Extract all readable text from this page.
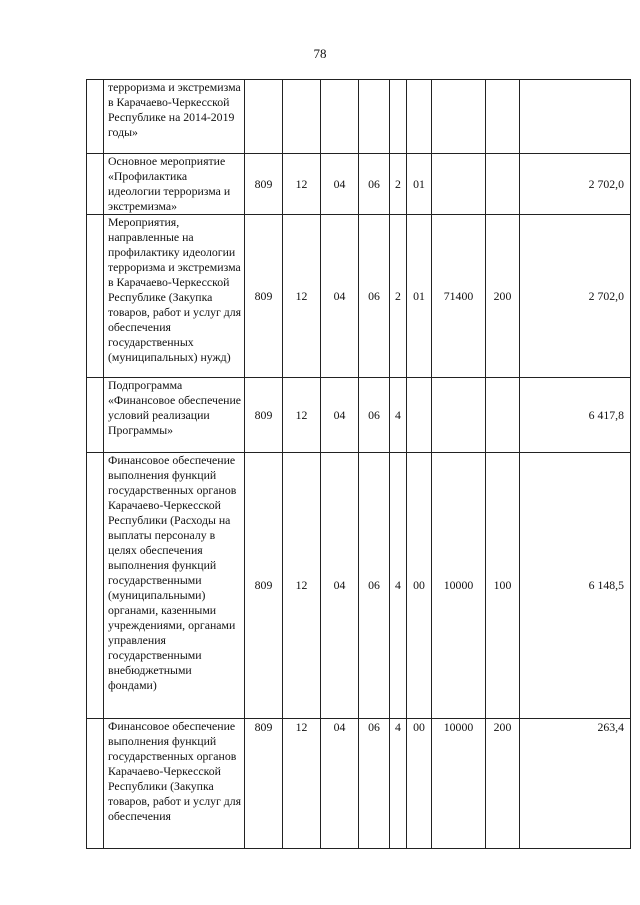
78
	терроризма и экстремизма в Карачаево-Черкесской Республике на 2014-2019 годы»									
	Основное мероприятие «Профилактика идеологии терроризма и экстремизма»	809	12	04	06	2	01			2 702,0
	Мероприятия, направленные на профилактику идеологии терроризма и экстремизма в Карачаево-Черкесской Республике (Закупка товаров, работ и услуг для обеспечения государственных (муниципальных) нужд)	809	12	04	06	2	01	71400	200	2 702,0
	Подпрограмма «Финансовое обеспечение условий реализации Программы»	809	12	04	06	4				6 417,8
	Финансовое обеспечение выполнения функций государственных органов Карачаево-Черкесской Республики (Расходы на выплаты персоналу в целях обеспечения выполнения функций государственными (муниципальными) органами, казенными учреждениями, органами управления государственными внебюджетными фондами)	809	12	04	06	4	00	10000	100	6 148,5
	Финансовое обеспечение выполнения функций государственных органов Карачаево-Черкесской Республики (Закупка товаров, работ и услуг для обеспечения	809	12	04	06	4	00	10000	200	263,4
